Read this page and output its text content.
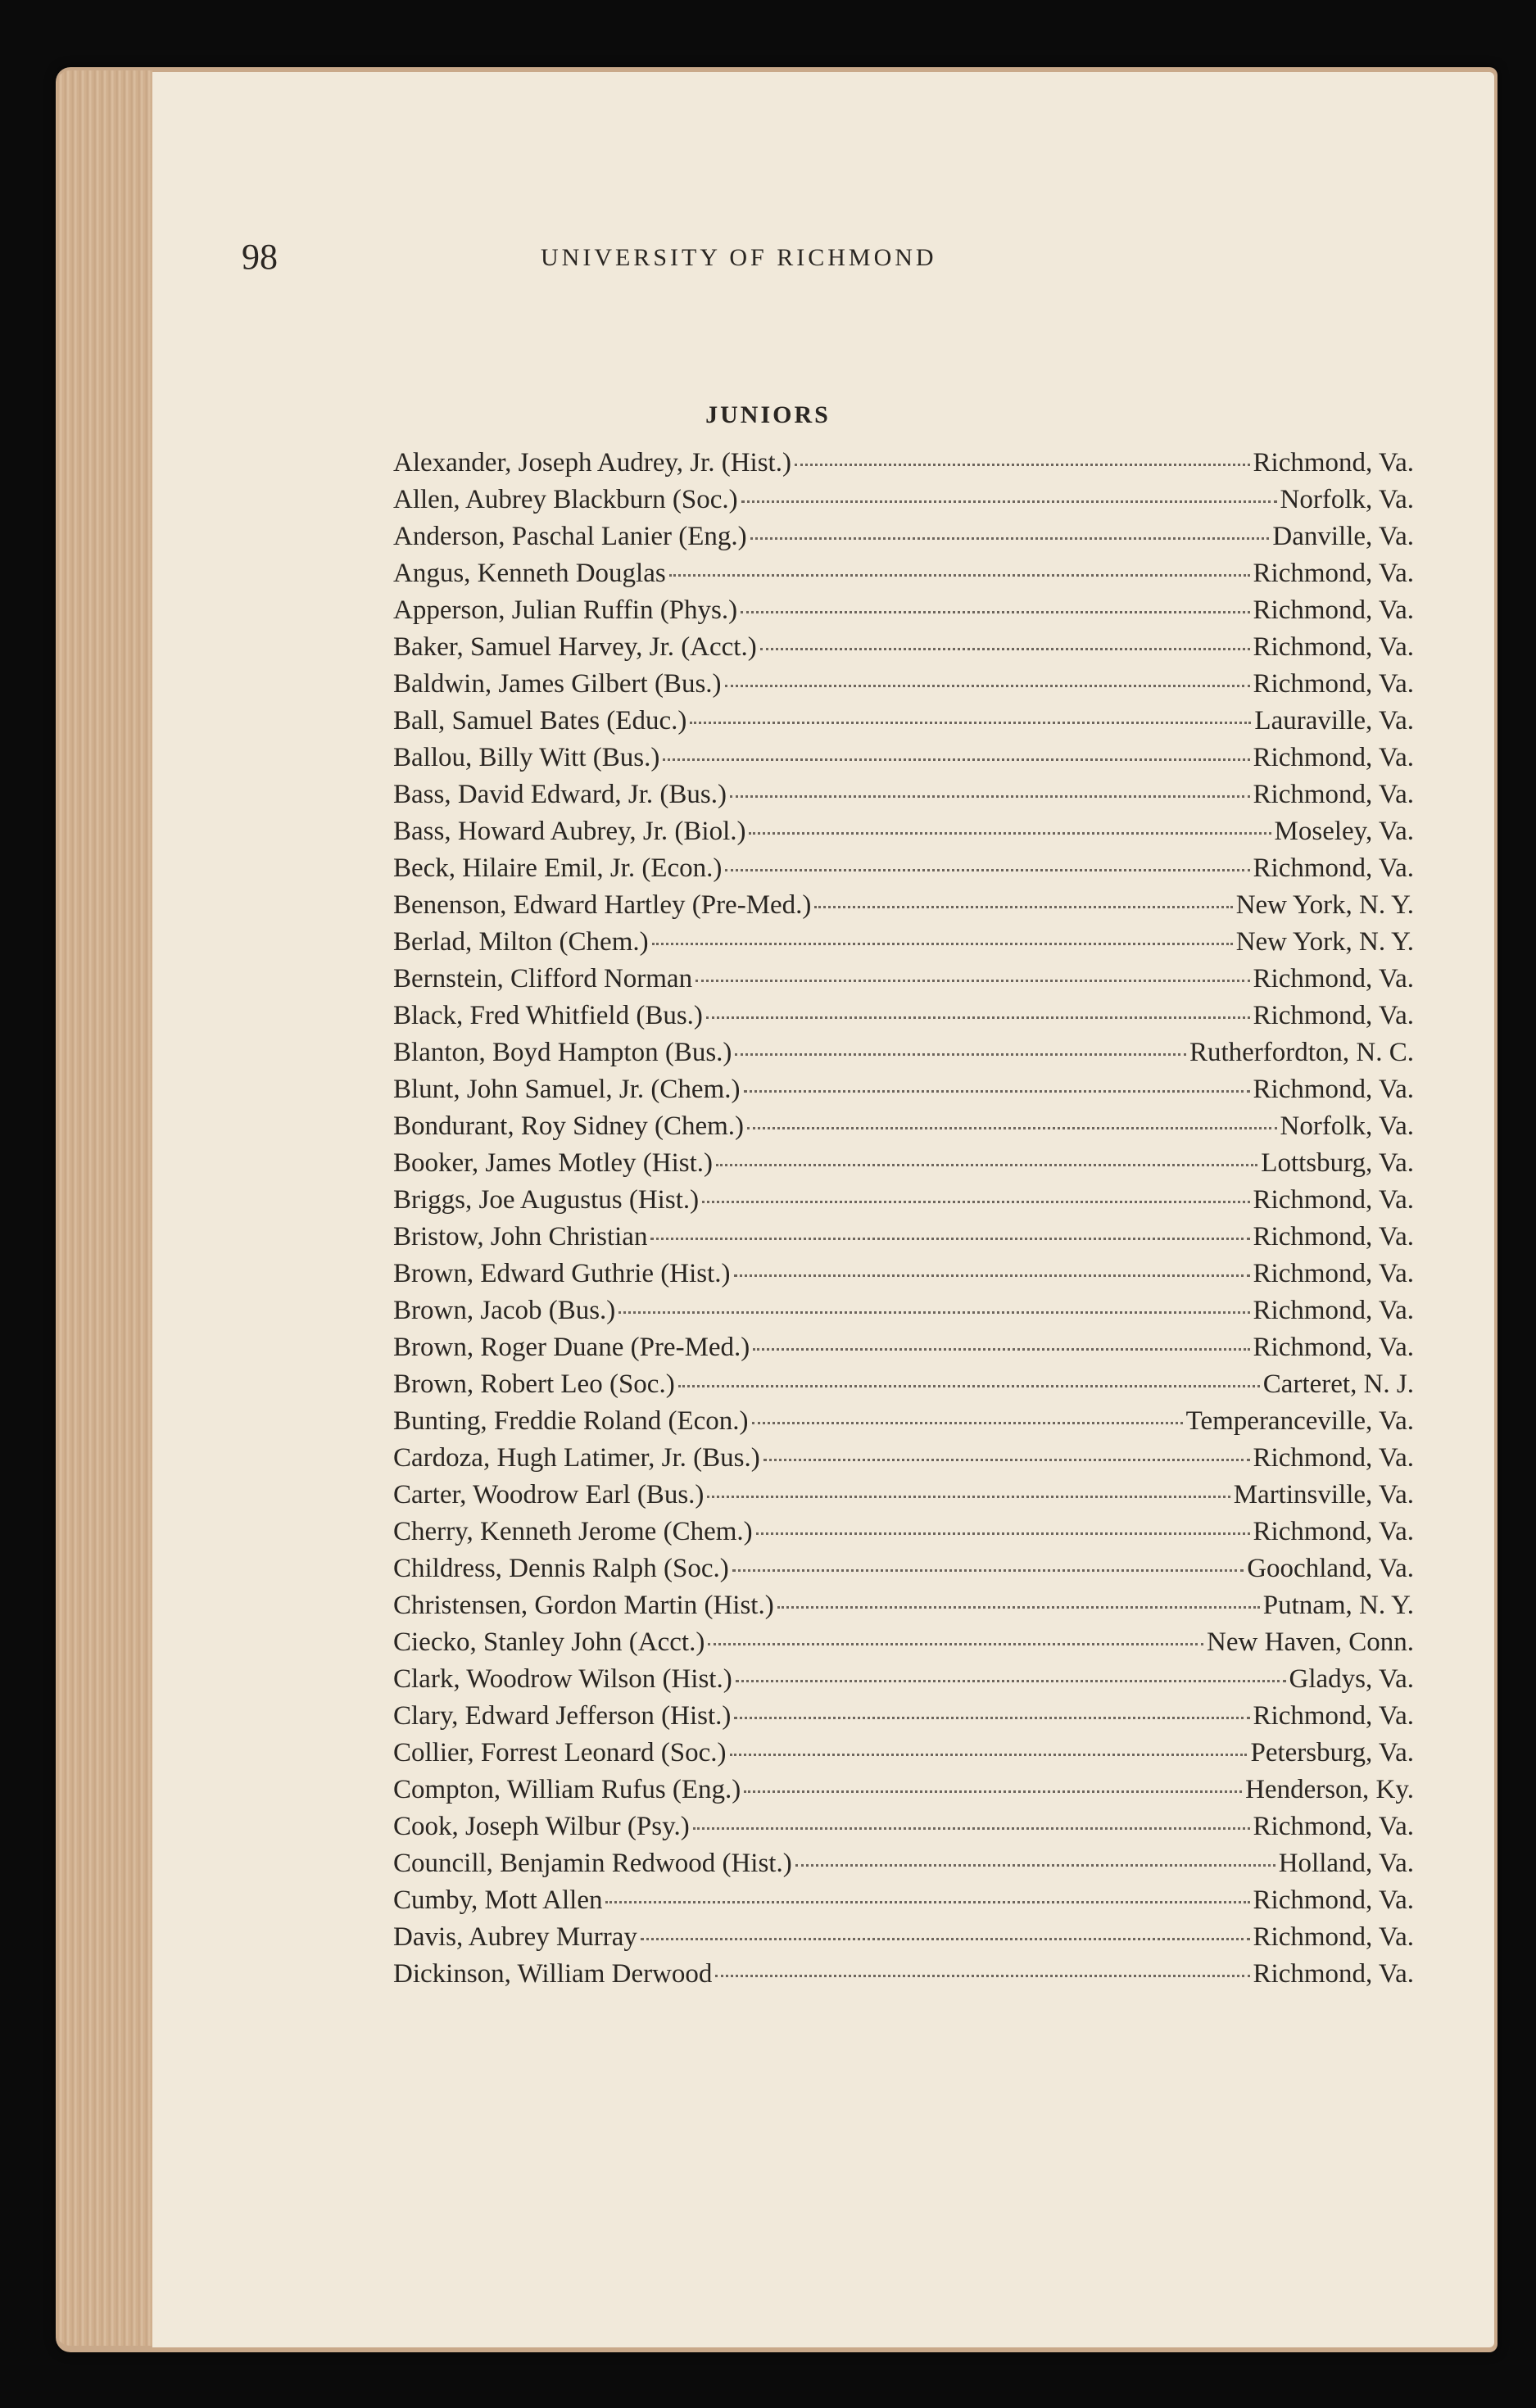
98	UNIVERSITY OF RICHMOND
JUNIORS
Alexander, Joseph Audrey, Jr. (Hist.)	Richmond, Va.
Allen, Aubrey Blackburn (Soc.)	Norfolk, Va.
Anderson, Paschal Lanier (Eng.)	Danville, Va.
Angus, Kenneth Douglas	Richmond, Va.
Apperson, Julian Ruffin (Phys.)	Richmond, Va.
Baker, Samuel Harvey, Jr. (Acct.)	Richmond, Va.
Baldwin, James Gilbert (Bus.)	Richmond, Va.
Ball, Samuel Bates (Educ.)	Lauraville, Va.
Ballou, Billy Witt (Bus.)	Richmond, Va.
Bass, David Edward, Jr. (Bus.)	Richmond, Va.
Bass, Howard Aubrey, Jr. (Biol.)	Moseley, Va.
Beck, Hilaire Emil, Jr. (Econ.)	Richmond, Va.
Benenson, Edward Hartley (Pre-Med.)	New York, N. Y.
Berlad, Milton (Chem.)	New York, N. Y.
Bernstein, Clifford Norman	Richmond, Va.
Black, Fred Whitfield (Bus.)	Richmond, Va.
Blanton, Boyd Hampton (Bus.)	Rutherfordton, N. C.
Blunt, John Samuel, Jr. (Chem.)	Richmond, Va.
Bondurant, Roy Sidney (Chem.)	Norfolk, Va.
Booker, James Motley (Hist.)	Lottsburg, Va.
Briggs, Joe Augustus (Hist.)	Richmond, Va.
Bristow, John Christian	Richmond, Va.
Brown, Edward Guthrie (Hist.)	Richmond, Va.
Brown, Jacob (Bus.)	Richmond, Va.
Brown, Roger Duane (Pre-Med.)	Richmond, Va.
Brown, Robert Leo (Soc.)	Carteret, N. J.
Bunting, Freddie Roland (Econ.)	Temperanceville, Va.
Cardoza, Hugh Latimer, Jr. (Bus.)	Richmond, Va.
Carter, Woodrow Earl (Bus.)	Martinsville, Va.
Cherry, Kenneth Jerome (Chem.)	Richmond, Va.
Childress, Dennis Ralph (Soc.)	Goochland, Va.
Christensen, Gordon Martin (Hist.)	Putnam, N. Y.
Ciecko, Stanley John (Acct.)	New Haven, Conn.
Clark, Woodrow Wilson (Hist.)	Gladys, Va.
Clary, Edward Jefferson (Hist.)	Richmond, Va.
Collier, Forrest Leonard (Soc.)	Petersburg, Va.
Compton, William Rufus (Eng.)	Henderson, Ky.
Cook, Joseph Wilbur (Psy.)	Richmond, Va.
Councill, Benjamin Redwood (Hist.)	Holland, Va.
Cumby, Mott Allen	Richmond, Va.
Davis, Aubrey Murray	Richmond, Va.
Dickinson, William Derwood	Richmond, Va.
